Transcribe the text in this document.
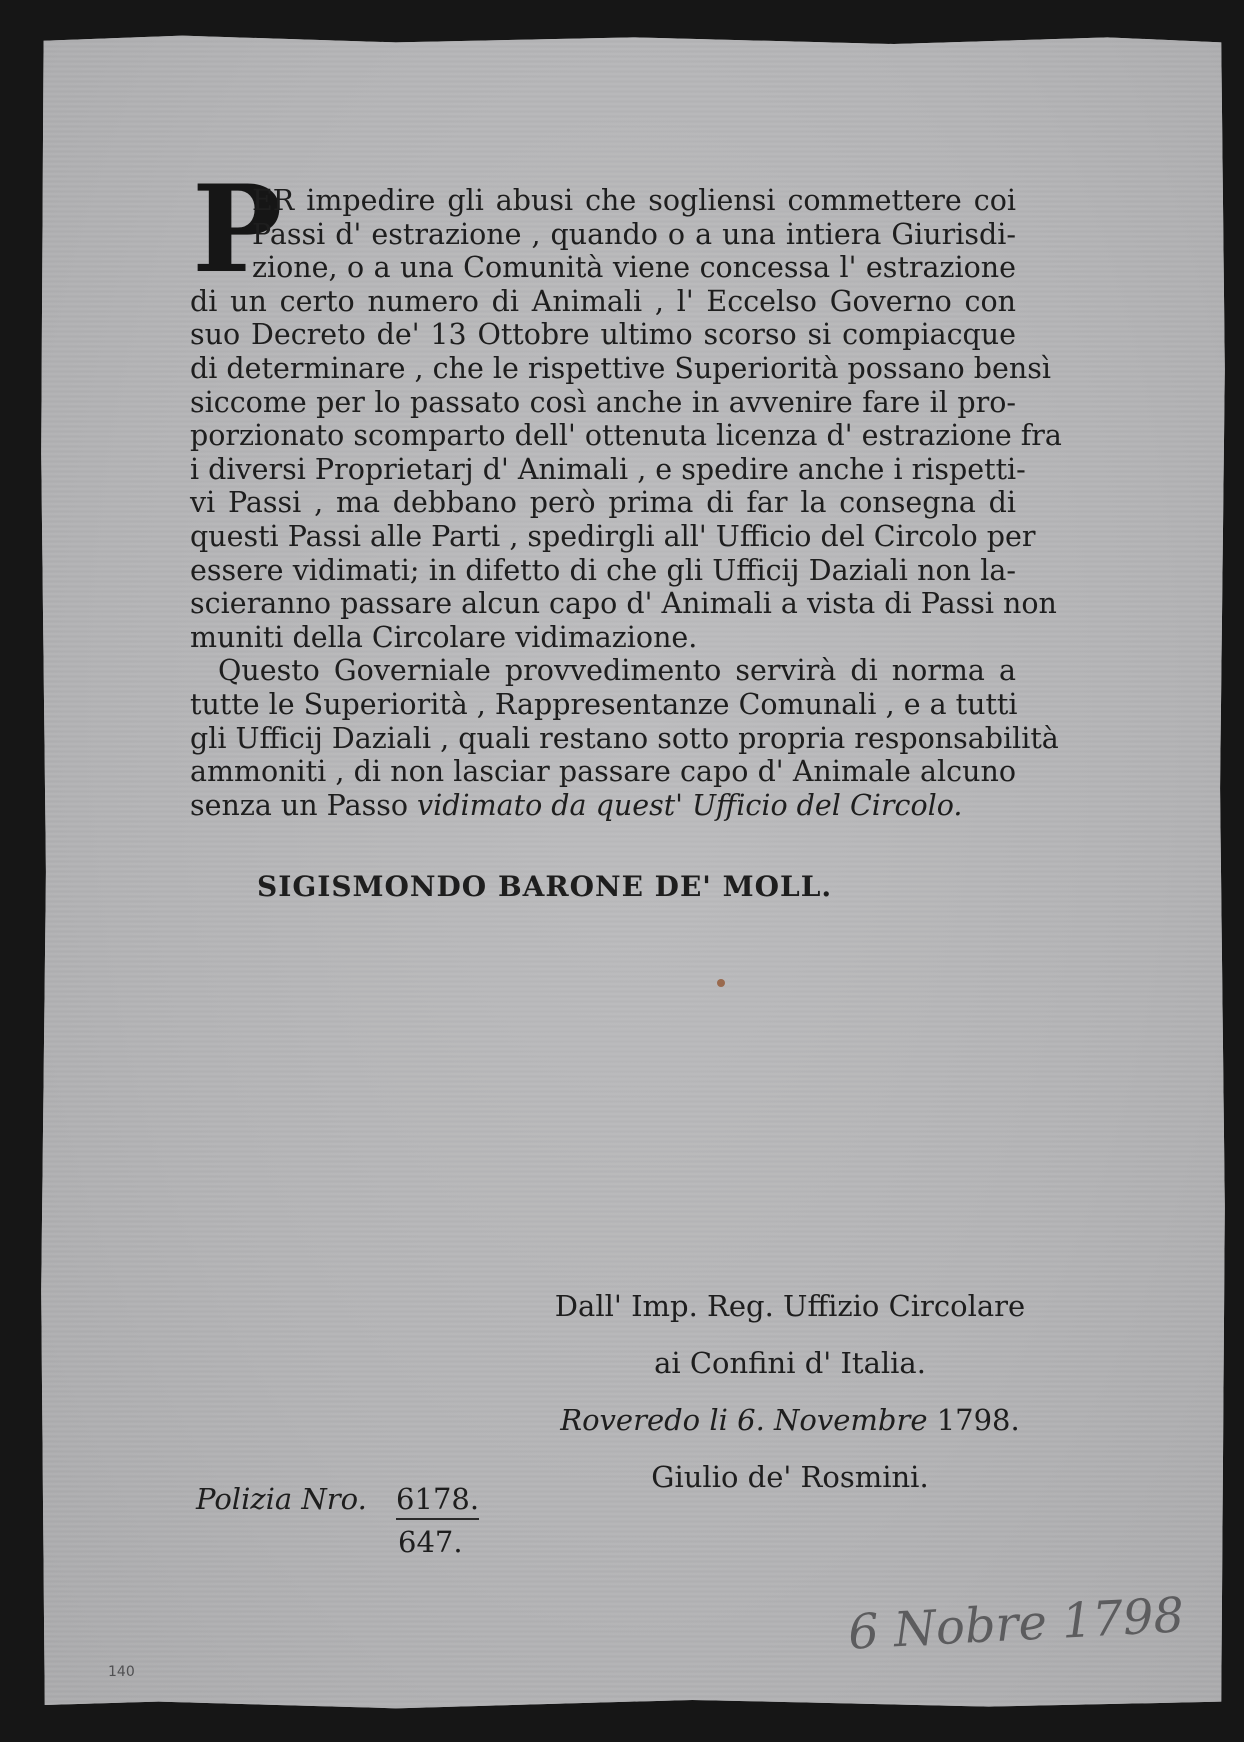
P
ER impedire gli abusi che sogliensi commettere coi
Passi d' estrazione , quando o a una intiera Giurisdi-
zione, o a una Comunità viene concessa l' estrazione
di un certo numero di Animali , l' Eccelso Governo con
suo Decreto de' 13 Ottobre ultimo scorso si compiacque
di determinare , che le rispettive Superiorità possano bensì
siccome per lo passato così anche in avvenire fare il pro-
porzionato scomparto dell' ottenuta licenza d' estrazione fra
i diversi Proprietarj d' Animali , e spedire anche i rispetti-
vi Passi , ma debbano però prima di far la consegna di
questi Passi alle Parti , spedirgli all' Ufficio del Circolo per
essere vidimati; in difetto di che gli Ufficij Daziali non la-
scieranno passare alcun capo d' Animali a vista di Passi non
muniti della Circolare vidimazione.
Questo Governiale provvedimento servirà di norma a
tutte le Superiorità , Rappresentanze Comunali , e a tutti
gli Ufficij Daziali , quali restano sotto propria responsabilità
ammoniti , di non lasciar passare capo d' Animale alcuno
senza un Passo vidimato da quest' Ufficio del Circolo.
SIGISMONDO BARONE DE' MOLL.
Dall' Imp. Reg. Uffizio Circolare
ai Confini d' Italia.
Roveredo li 6. Novembre 1798.
Giulio de' Rosmini.
Polizia Nro. 6178.
647.
6 Nobre 1798
140
